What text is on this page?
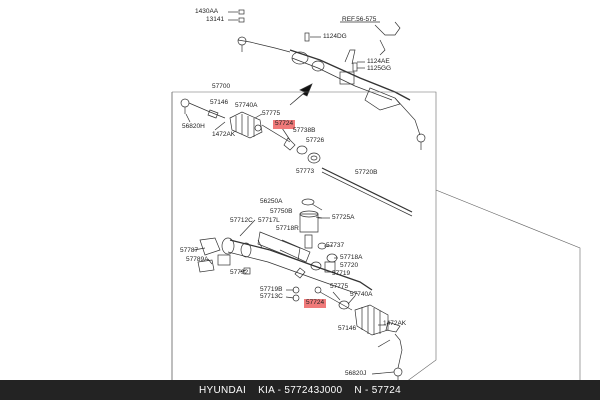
1430AA
13141	REF.56-575
1124DG
1124AE
1125GG
57700
57146 57740A
56820H
1472AK
57775
57724
57738B
57726
57773	57720B
56250A
57750B
57725A
57712C 57717L
57718R
57787
57789A
57737
57718A
57720
57719
57792
57719B
57713C
57724
57775
57740A
57146
1472AK
56820J
HYUNDAI KIA - 577243J000 N - 57724
